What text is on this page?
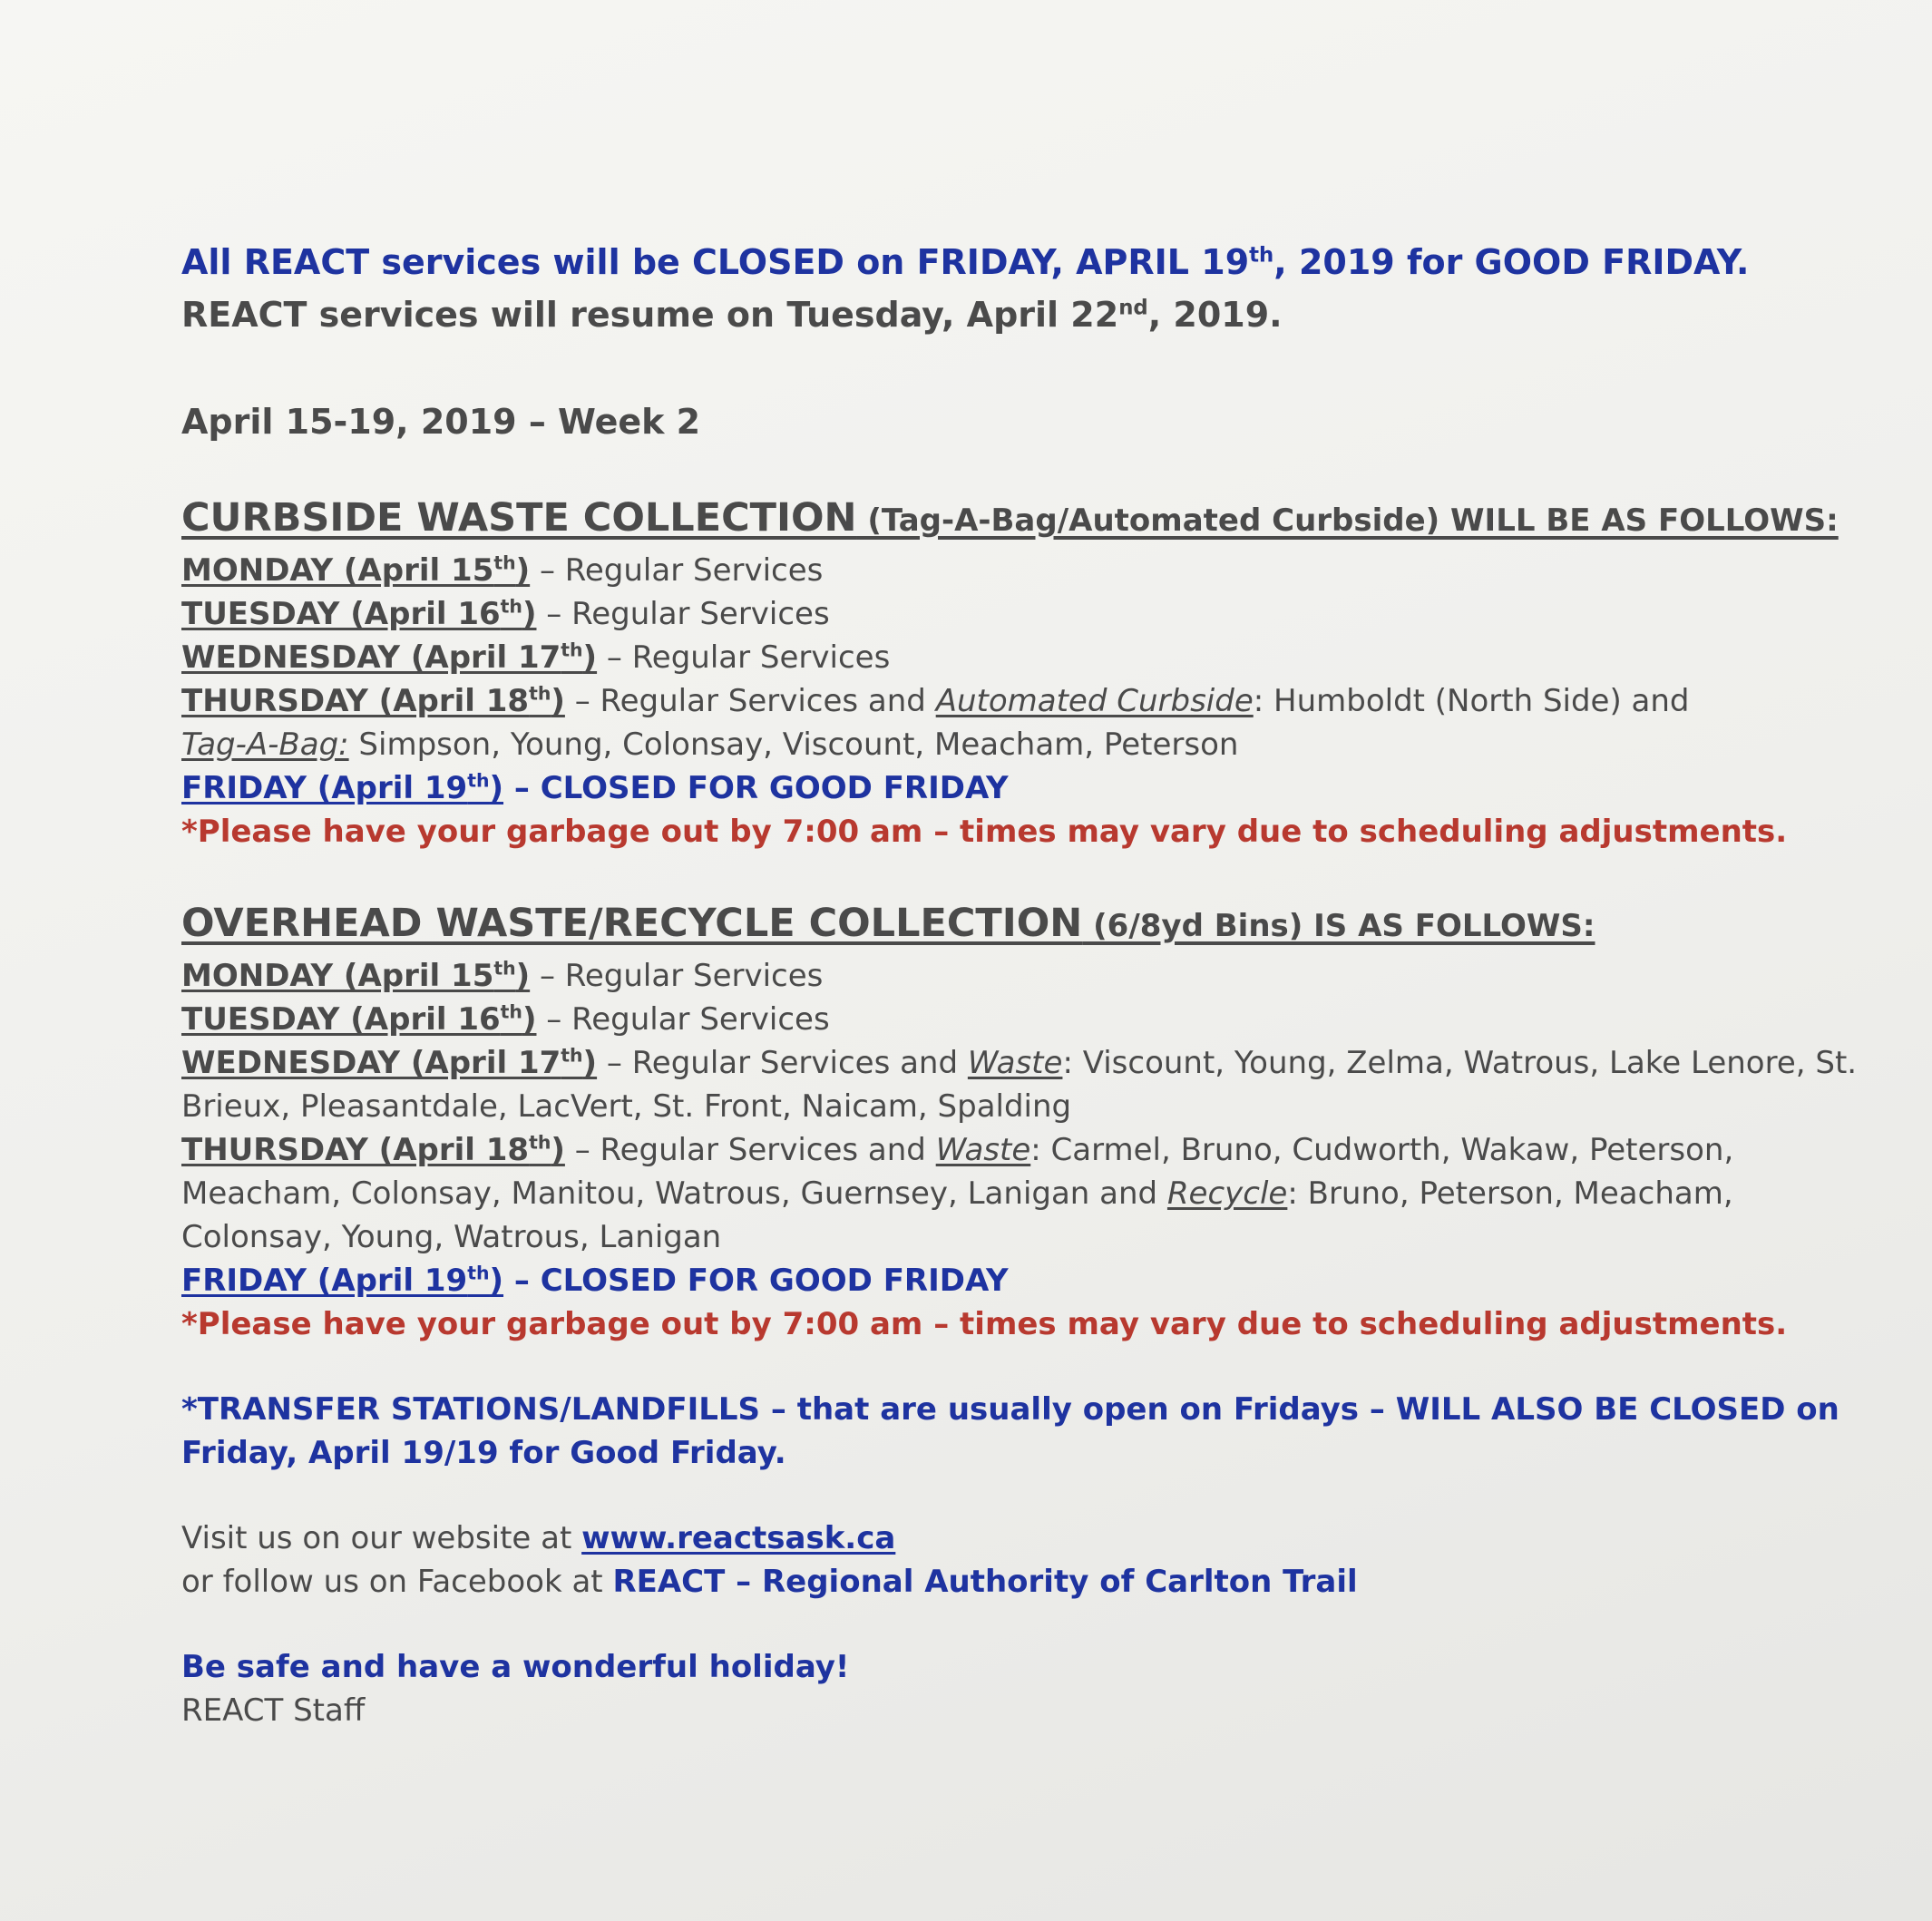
All REACT services will be CLOSED on FRIDAY, APRIL 19th, 2019 for GOOD FRIDAY.
REACT services will resume on Tuesday, April 22nd, 2019.
April 15-19, 2019 – Week 2
CURBSIDE WASTE COLLECTION (Tag-A-Bag/Automated Curbside) WILL BE AS FOLLOWS:
MONDAY (April 15th) – Regular Services
TUESDAY (April 16th) – Regular Services
WEDNESDAY (April 17th) – Regular Services
THURSDAY (April 18th) – Regular Services and Automated Curbside: Humboldt (North Side) and
Tag-A-Bag: Simpson, Young, Colonsay, Viscount, Meacham, Peterson
FRIDAY (April 19th) – CLOSED FOR GOOD FRIDAY
*Please have your garbage out by 7:00 am – times may vary due to scheduling adjustments.
OVERHEAD WASTE/RECYCLE COLLECTION (6/8yd Bins) IS AS FOLLOWS:
MONDAY (April 15th) – Regular Services
TUESDAY (April 16th) – Regular Services
WEDNESDAY (April 17th) – Regular Services and Waste: Viscount, Young, Zelma, Watrous, Lake Lenore, St.
Brieux, Pleasantdale, LacVert, St. Front, Naicam, Spalding
THURSDAY (April 18th) – Regular Services and Waste: Carmel, Bruno, Cudworth, Wakaw, Peterson,
Meacham, Colonsay, Manitou, Watrous, Guernsey, Lanigan and Recycle: Bruno, Peterson, Meacham,
Colonsay, Young, Watrous, Lanigan
FRIDAY (April 19th) – CLOSED FOR GOOD FRIDAY
*Please have your garbage out by 7:00 am – times may vary due to scheduling adjustments.
*TRANSFER STATIONS/LANDFILLS – that are usually open on Fridays – WILL ALSO BE CLOSED on
Friday, April 19/19 for Good Friday.
Visit us on our website at www.reactsask.ca
or follow us on Facebook at REACT – Regional Authority of Carlton Trail
Be safe and have a wonderful holiday!
REACT Staff
